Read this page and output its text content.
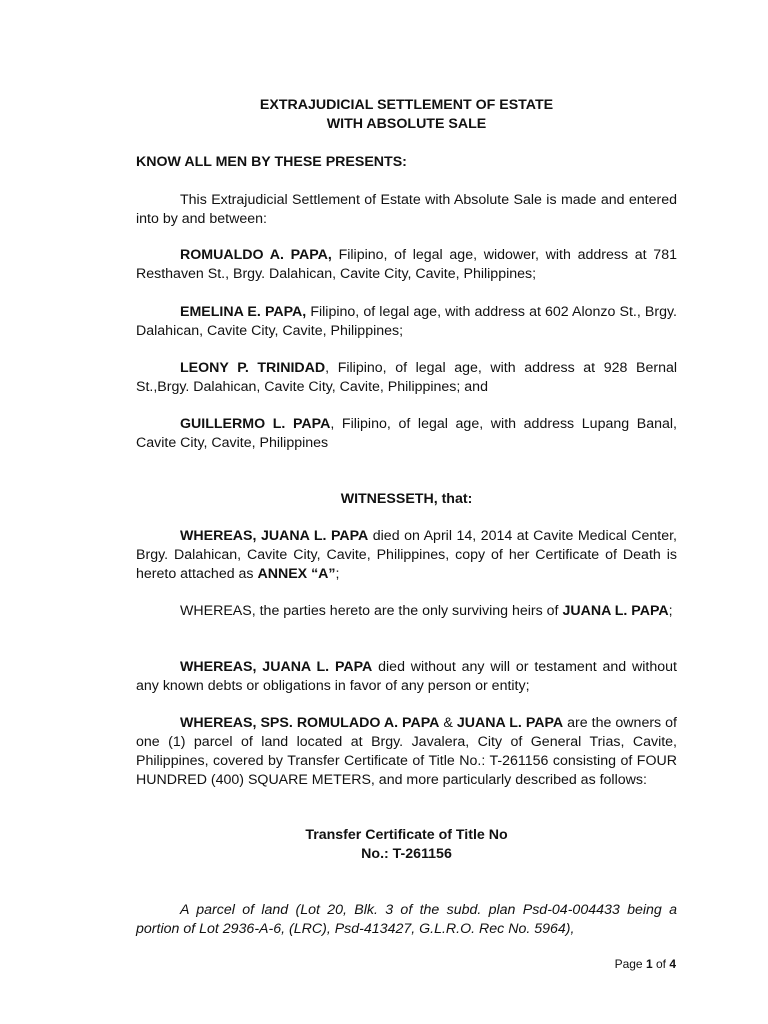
EXTRAJUDICIAL SETTLEMENT OF ESTATE
WITH ABSOLUTE SALE

KNOW ALL MEN BY THESE PRESENTS:

This Extrajudicial Settlement of Estate with Absolute Sale is made and entered into by and between:

ROMUALDO A. PAPA, Filipino, of legal age, widower, with address at 781 Resthaven St., Brgy. Dalahican, Cavite City, Cavite, Philippines;

EMELINA E. PAPA, Filipino, of legal age, with address at 602 Alonzo St., Brgy. Dalahican, Cavite City, Cavite, Philippines;

LEONY P. TRINIDAD, Filipino, of legal age, with address at 928 Bernal St.,Brgy. Dalahican, Cavite City, Cavite, Philippines; and

GUILLERMO L. PAPA, Filipino, of legal age, with address Lupang Banal, Cavite City, Cavite, Philippines

WITNESSETH, that:

WHEREAS, JUANA L. PAPA died on April 14, 2014 at Cavite Medical Center, Brgy. Dalahican, Cavite City, Cavite, Philippines, copy of her Certificate of Death is hereto attached as ANNEX “A”;

WHEREAS, the parties hereto are the only surviving heirs of JUANA L. PAPA;

WHEREAS, JUANA L. PAPA died without any will or testament and without any known debts or obligations in favor of any person or entity;

WHEREAS, SPS. ROMULADO A. PAPA & JUANA L. PAPA are the owners of one (1) parcel of land located at Brgy. Javalera, City of General Trias, Cavite, Philippines, covered by Transfer Certificate of Title No.: T-261156 consisting of FOUR HUNDRED (400) SQUARE METERS, and more particularly described as follows:

Transfer Certificate of Title No
No.: T-261156

A parcel of land (Lot 20, Blk. 3 of the subd. plan Psd-04-004433 being a portion of Lot 2936-A-6, (LRC), Psd-413427, G.L.R.O. Rec No. 5964),

Page 1 of 4
